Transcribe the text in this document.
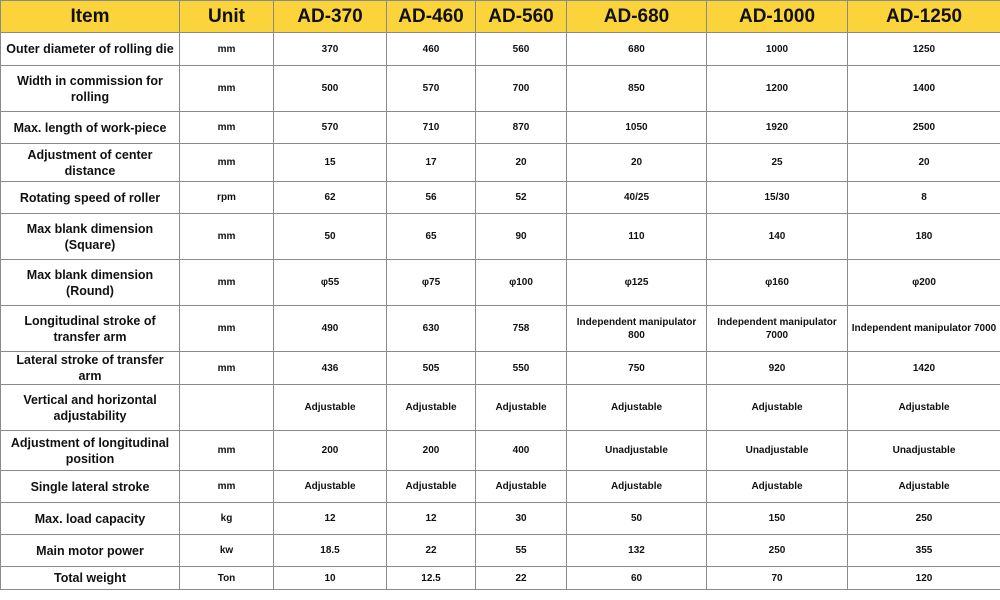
Item	Unit	AD-370	AD-460	AD-560	AD-680	AD-1000	AD-1250
Outer diameter of rolling die	mm	370	460	560	680	1000	1250
Width in commission for rolling	mm	500	570	700	850	1200	1400
Max. length of work-piece	mm	570	710	870	1050	1920	2500
Adjustment of center distance	mm	15	17	20	20	25	20
Rotating speed of roller	rpm	62	56	52	40/25	15/30	8
Max blank dimension (Square)	mm	50	65	90	110	140	180
Max blank dimension (Round)	mm	φ55	φ75	φ100	φ125	φ160	φ200
Longitudinal stroke of transfer arm	mm	490	630	758	Independent manipulator 800	Independent manipulator 7000	Independent manipulator 7000
Lateral stroke of transfer arm	mm	436	505	550	750	920	1420
Vertical and horizontal adjustability		Adjustable	Adjustable	Adjustable	Adjustable	Adjustable	Adjustable
Adjustment of longitudinal position	mm	200	200	400	Unadjustable	Unadjustable	Unadjustable
Single lateral stroke	mm	Adjustable	Adjustable	Adjustable	Adjustable	Adjustable	Adjustable
Max. load capacity	kg	12	12	30	50	150	250
Main motor power	kw	18.5	22	55	132	250	355
Total weight	Ton	10	12.5	22	60	70	120
